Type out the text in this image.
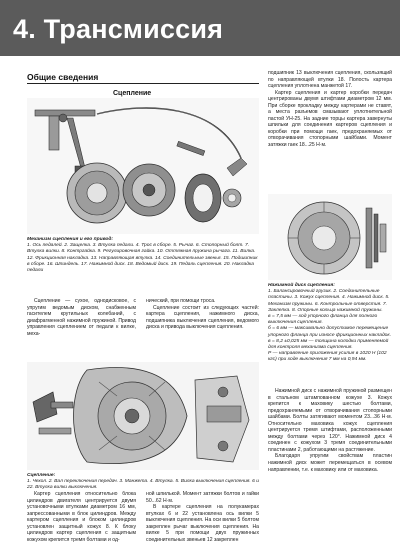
4. Трансмиссия
Общие сведения
Сцепление
Механизм сцепления и его привод:
1. Ось педалей. 2. Защелка. 3. Втулка педали. 4. Трос в сборе. 5. Рычаг. 6. Стопорный болт. 7. Втулка вилки. 8. Контргайка. 9. Регулировочная гайка. 10. Оттяжная пружина рычага. 11. Вилка. 12. Фрикционная накладка. 13. Направляющая втулка. 14. Соединительные звенья. 15. Подшипник в сборе. 16. Шпиндель. 17. Нажимной диск. 18. Ведомый диск. 19. Педаль сцепления. 20. Накладка педали

Сцепление — сухое, однодисковое, с упругим ведомым диском, снабженным гасителем крутильных колебаний, с диафрагменной нажимной пружиной. Привод управления сцеплением от педали к вилке, меха-

нический, при помощи троса.

Сцепление состоит из следующих частей: картера сцепления, нажимного диска, подшипника выключения сцепления, ведомого диска и привода выключения сцепления.

Сцепление:
1. Чехол. 2. Вал переключения передач. 3. Манжета. 4. Втулка. 5. Вилка выключения сцепления. 6 и 22. Втулка вилки выключения.

Картер сцепления относительно блока цилиндров двигателя центрируется двумя установочными втулками диаметром 16 мм, запрессованными в блок цилиндров. Между картером сцепления и блоком цилиндров установлен защитный кожух 8. К блоку цилиндров картер сцепления с защитным кожухом крепится тремя болтами и од-

ной шпилькой. Момент затяжки болтов и гайки 50...62 Н·м.

В картере сцепления на полукамерах втулках 6 и 22 установлена ось вилки 5 выключения сцепления. На оси вилки 5 болтом закреплен рычаг выключения сцепления. На вилке 5 при помощи двух пружинных соединительных звеньев 12 закреплен

подшипник 13 выключения сцепления, скользящий по направляющей втулки 18. Полость картера сцепления уплотнена манжетой 17.

Картер сцепления и картер коробки передач центрированы двумя штифтами диаметром 12 мм. При сборке прокладку между картерами не ставят, а места разъемов смазывают уплотнительной пастой УН-25. На задние торцы картера завернуты шпильки для соединения картеров сцепления и коробки при помощи гаек, предохраняемых от отворачивания стопорными шайбами. Момент затяжки гаек 18...25 Н·м.

Нажимной диск сцепления:
1. Балансировочный грузик. 2. Соединительные пластины. 3. Кожух сцепления. 4. Нажимной диск. 5. Механизм пружины. 6. Контрольные отверстия. 7. Заклепка. 8. Опорные кольца нажимной пружины.
в = 7,5 мм — ход упорного фланца для полного выключения сцепления.
б = 6 мм — максимально допустимое перемещение упорного фланца при износе фрикционных накладок.
в = 8,2 ±0,025 мм — толщина колодки применяемой для контроля механизма сцепления.
Р — направление приложения усилия в 1020 Н (102 кгс) при ходе выключения 7 мм на 0,94 мм.

Нажимной диск с нажимной пружиной размещен в стальном штампованном кожухе 3. Кожух крепится к маховику шестью болтами, предохраняемыми от отворачивания стопорными шайбами. Болты затягивают моментом 23...36 Н·м. Относительно маховика кожух сцепления центрируется тремя штифтами, расположенными между болтами через 120°. Нажимной диск 4 соединен с кожухом 3 тремя соединительными пластинами 2, работающими на растяжение.

Благодаря упругим свойствам пластин нажимной диск может перемещаться в осевом направлении, т.е. к маховику или от маховика.
